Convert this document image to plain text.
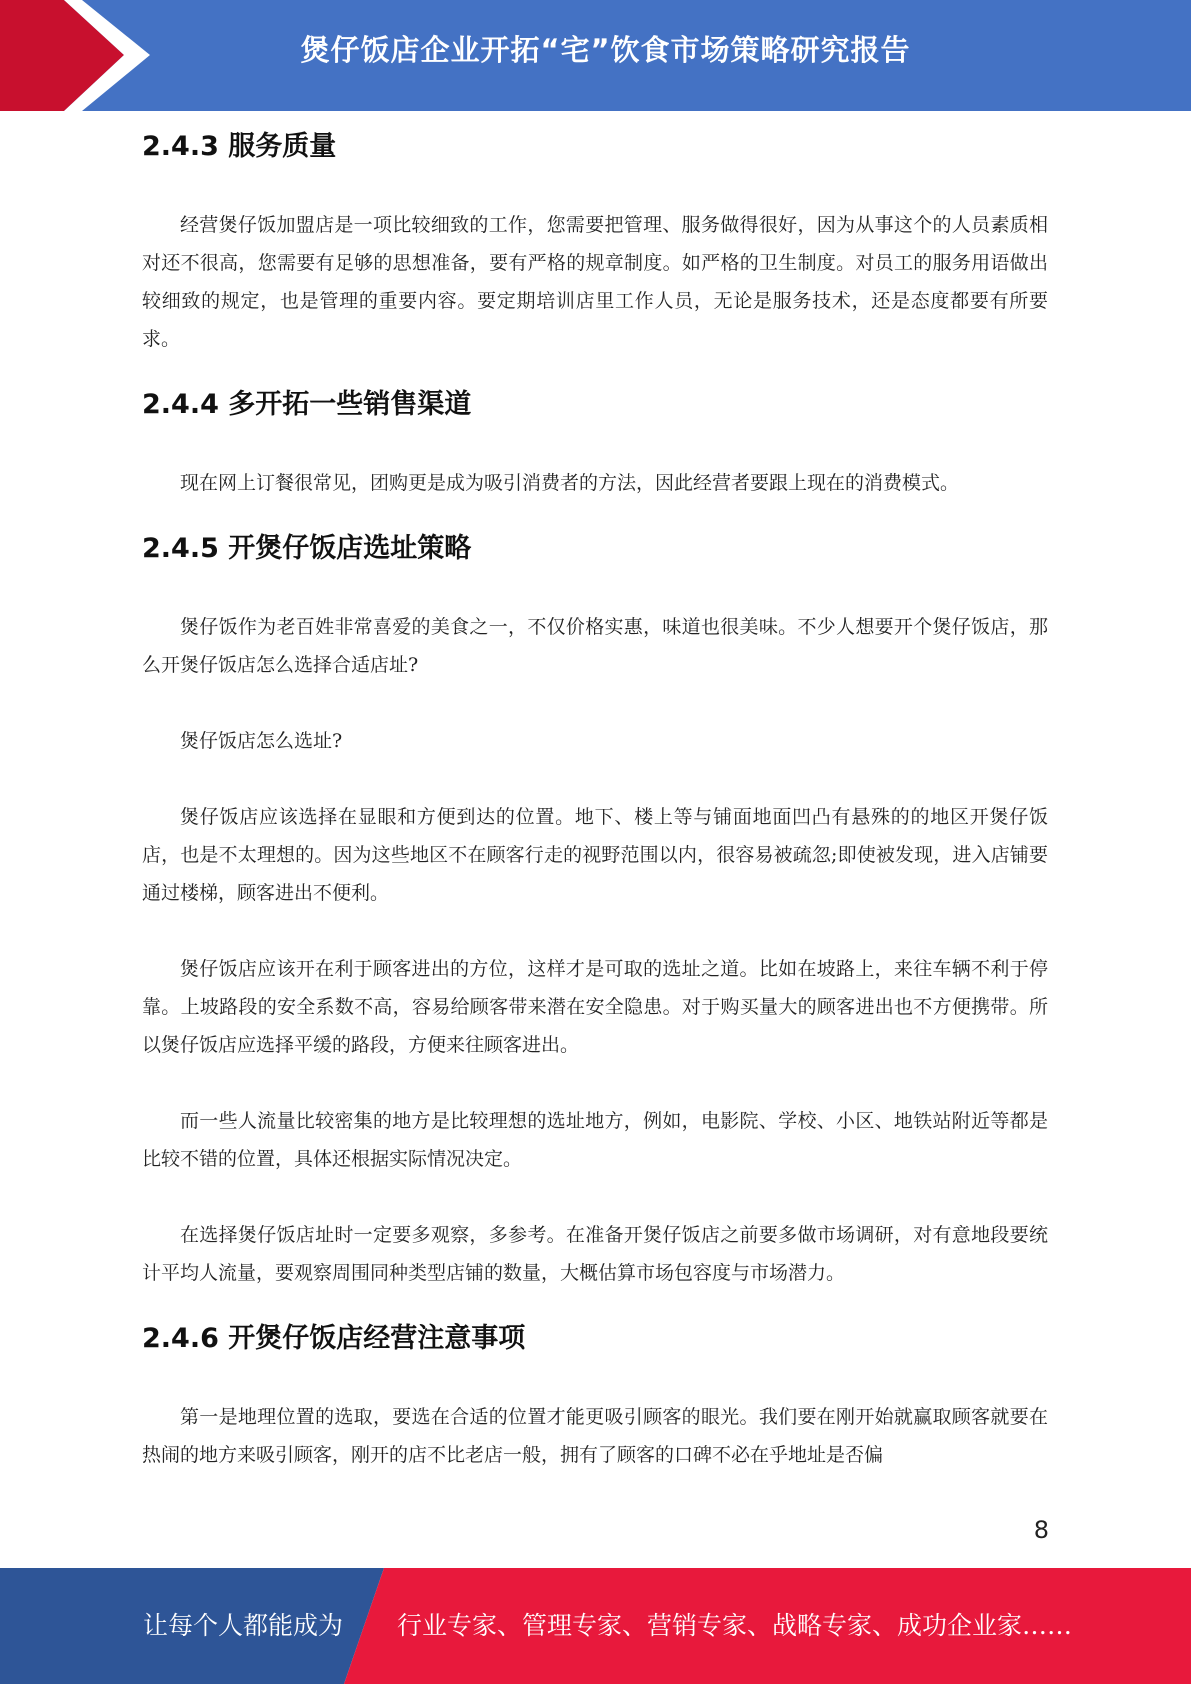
煲仔饭店企业开拓“宅”饮食市场策略研究报告
2.4.3 服务质量

经营煲仔饭加盟店是一项比较细致的工作，您需要把管理、服务做得很好，因为从事这个的人员素质相对还不很高，您需要有足够的思想准备，要有严格的规章制度。如严格的卫生制度。对员工的服务用语做出较细致的规定，也是管理的重要内容。要定期培训店里工作人员，无论是服务技术，还是态度都要有所要求。

2.4.4 多开拓一些销售渠道

现在网上订餐很常见，团购更是成为吸引消费者的方法，因此经营者要跟上现在的消费模式。

2.4.5 开煲仔饭店选址策略

煲仔饭作为老百姓非常喜爱的美食之一，不仅价格实惠，味道也很美味。不少人想要开个煲仔饭店，那么开煲仔饭店怎么选择合适店址?

煲仔饭店怎么选址?

煲仔饭店应该选择在显眼和方便到达的位置。地下、楼上等与铺面地面凹凸有悬殊的的地区开煲仔饭店，也是不太理想的。因为这些地区不在顾客行走的视野范围以内，很容易被疏忽;即使被发现，进入店铺要通过楼梯，顾客进出不便利。

煲仔饭店应该开在利于顾客进出的方位，这样才是可取的选址之道。比如在坡路上，来往车辆不利于停靠。上坡路段的安全系数不高，容易给顾客带来潜在安全隐患。对于购买量大的顾客进出也不方便携带。所以煲仔饭店应选择平缓的路段，方便来往顾客进出。

而一些人流量比较密集的地方是比较理想的选址地方，例如，电影院、学校、小区、地铁站附近等都是比较不错的位置，具体还根据实际情况决定。

在选择煲仔饭店址时一定要多观察，多参考。在准备开煲仔饭店之前要多做市场调研，对有意地段要统计平均人流量，要观察周围同种类型店铺的数量，大概估算市场包容度与市场潜力。

2.4.6 开煲仔饭店经营注意事项

第一是地理位置的选取，要选在合适的位置才能更吸引顾客的眼光。我们要在刚开始就赢取顾客就要在热闹的地方来吸引顾客，刚开的店不比老店一般，拥有了顾客的口碑不必在乎地址是否偏

8
让每个人都能成为 行业专家、管理专家、营销专家、战略专家、成功企业家……
